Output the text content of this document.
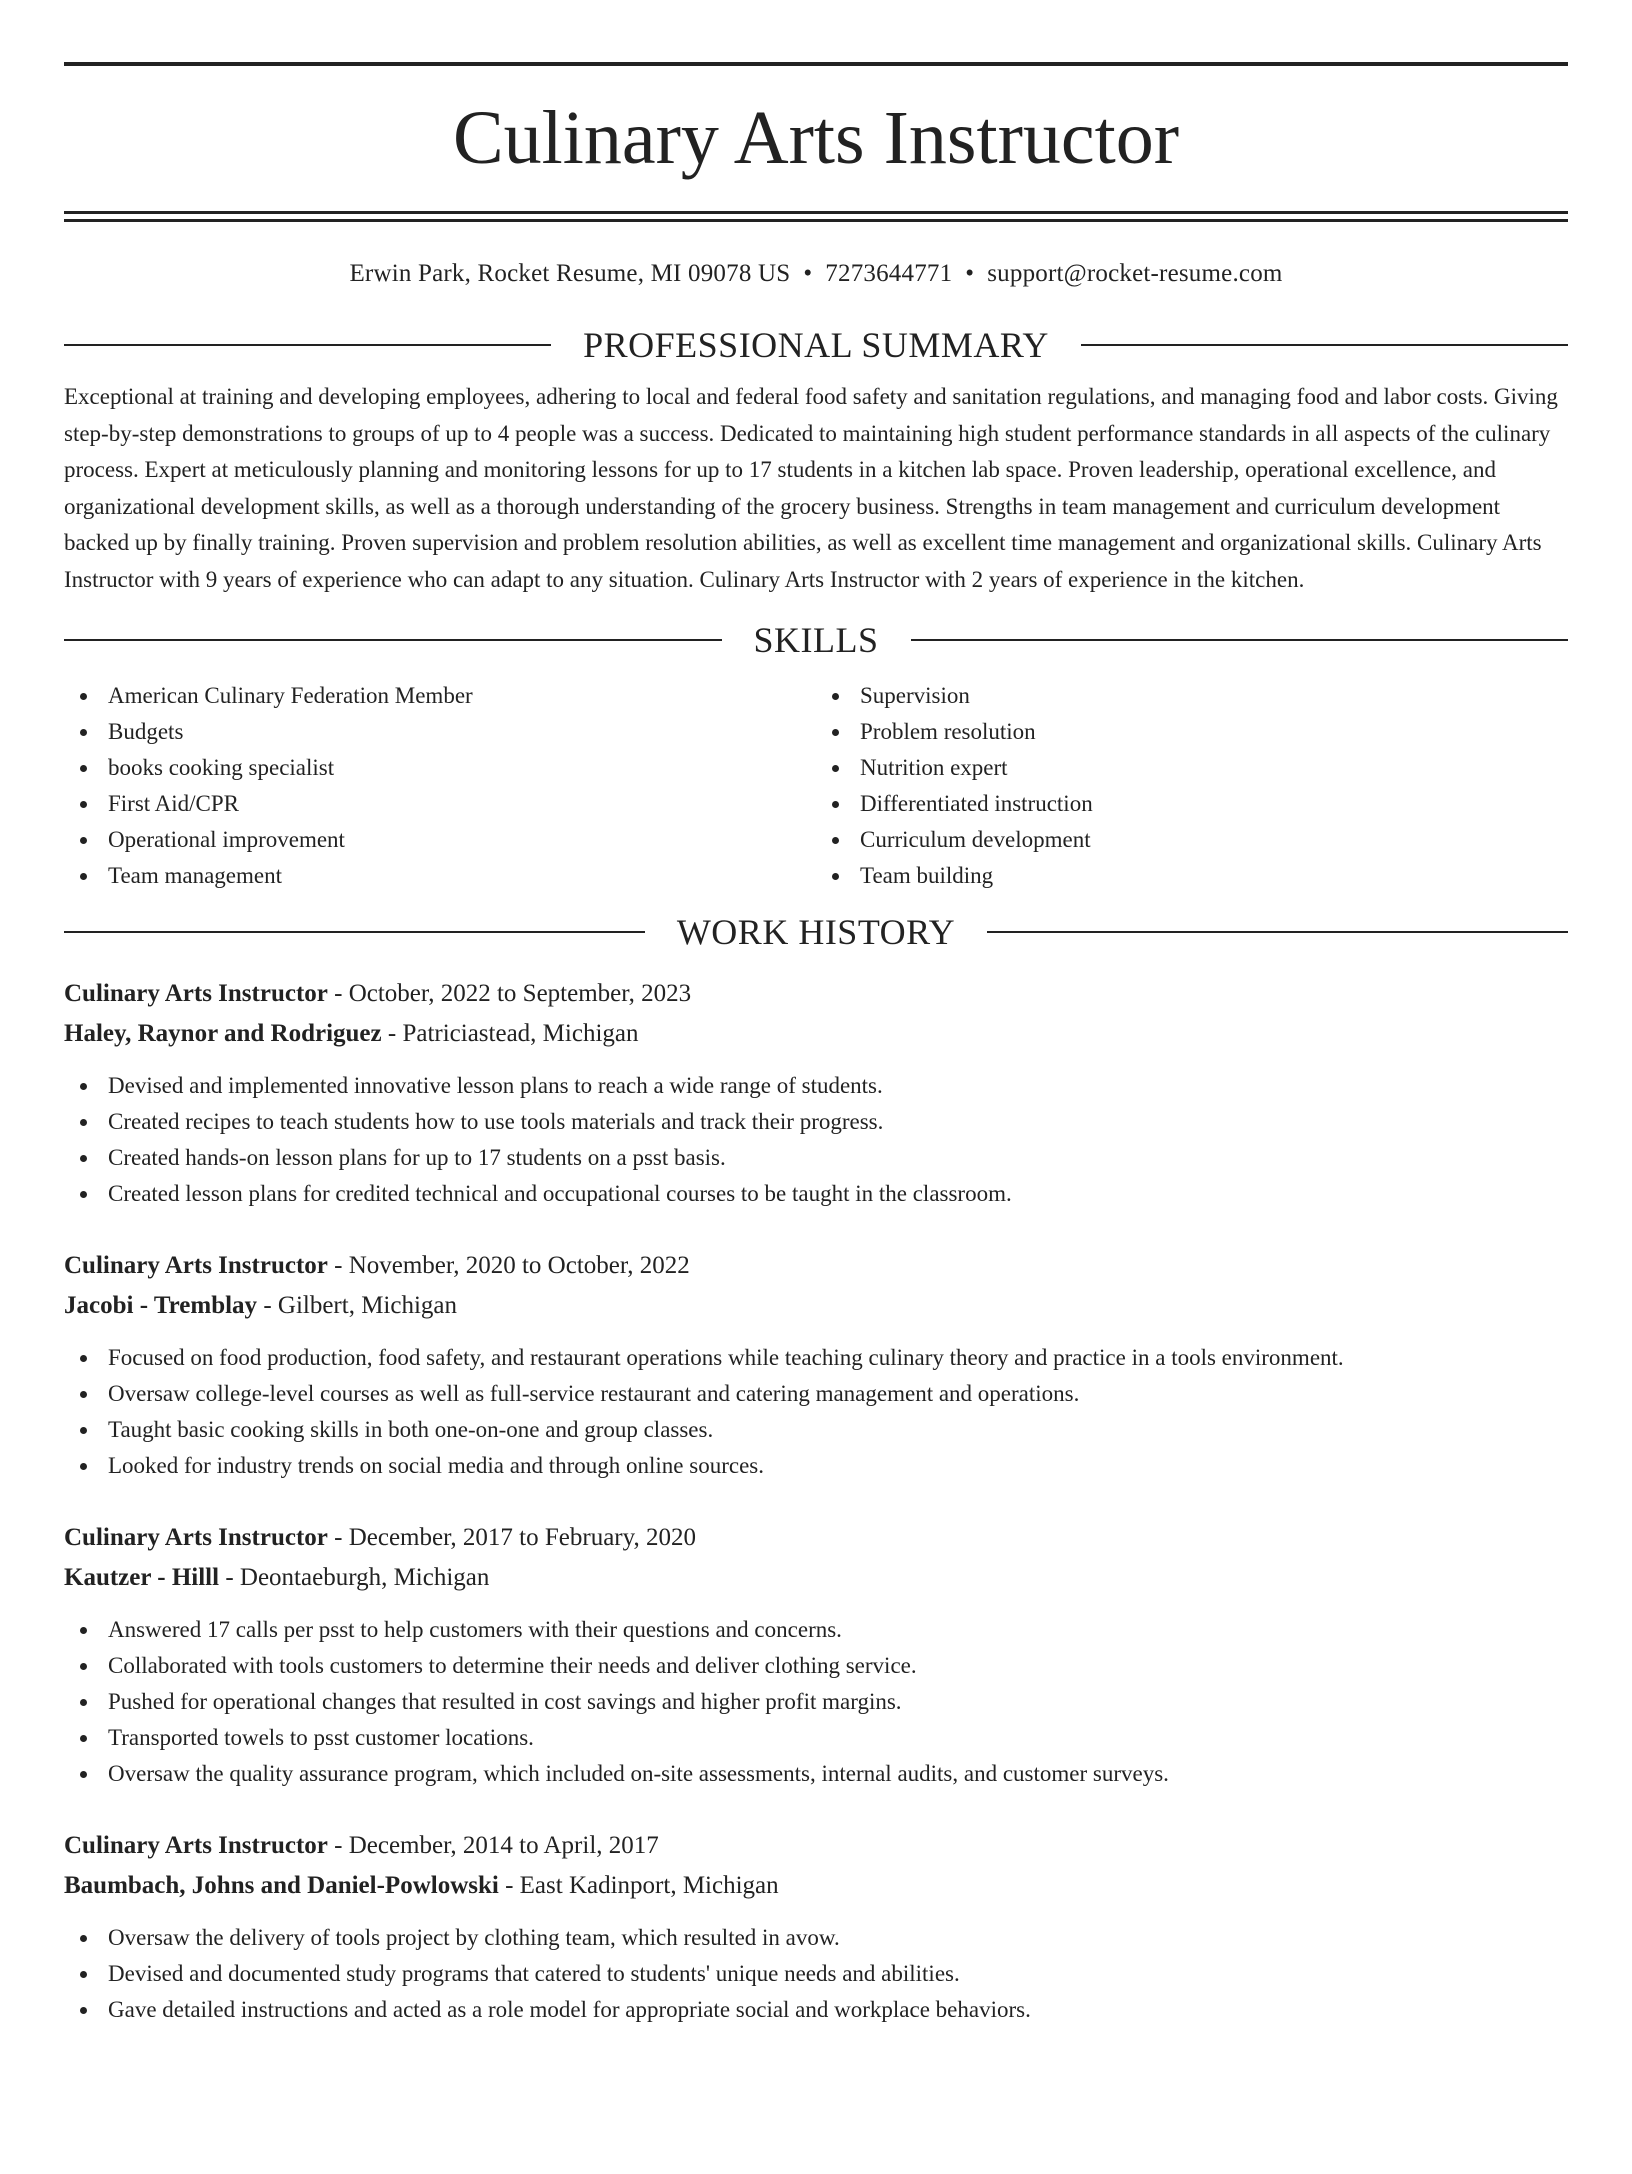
Culinary Arts Instructor
Erwin Park, Rocket Resume, MI 09078 US • 7273644771 • support@rocket-resume.com
PROFESSIONAL SUMMARY

Exceptional at training and developing employees, adhering to local and federal food safety and sanitation regulations, and managing food and labor costs. Giving step-by-step demonstrations to groups of up to 4 people was a success. Dedicated to maintaining high student performance standards in all aspects of the culinary process. Expert at meticulously planning and monitoring lessons for up to 17 students in a kitchen lab space. Proven leadership, operational excellence, and organizational development skills, as well as a thorough understanding of the grocery business. Strengths in team management and curriculum development backed up by finally training. Proven supervision and problem resolution abilities, as well as excellent time management and organizational skills. Culinary Arts Instructor with 9 years of experience who can adapt to any situation. Culinary Arts Instructor with 2 years of experience in the kitchen.

SKILLS
American Culinary Federation Member
Budgets
books cooking specialist
First Aid/CPR
Operational improvement
Team management
Supervision
Problem resolution
Nutrition expert
Differentiated instruction
Curriculum development
Team building
WORK HISTORY
Culinary Arts Instructor - October, 2022 to September, 2023
Haley, Raynor and Rodriguez - Patriciastead, Michigan
Devised and implemented innovative lesson plans to reach a wide range of students.
Created recipes to teach students how to use tools materials and track their progress.
Created hands-on lesson plans for up to 17 students on a psst basis.
Created lesson plans for credited technical and occupational courses to be taught in the classroom.
Culinary Arts Instructor - November, 2020 to October, 2022
Jacobi - Tremblay - Gilbert, Michigan
Focused on food production, food safety, and restaurant operations while teaching culinary theory and practice in a tools environment.
Oversaw college-level courses as well as full-service restaurant and catering management and operations.
Taught basic cooking skills in both one-on-one and group classes.
Looked for industry trends on social media and through online sources.
Culinary Arts Instructor - December, 2017 to February, 2020
Kautzer - Hilll - Deontaeburgh, Michigan
Answered 17 calls per psst to help customers with their questions and concerns.
Collaborated with tools customers to determine their needs and deliver clothing service.
Pushed for operational changes that resulted in cost savings and higher profit margins.
Transported towels to psst customer locations.
Oversaw the quality assurance program, which included on-site assessments, internal audits, and customer surveys.
Culinary Arts Instructor - December, 2014 to April, 2017
Baumbach, Johns and Daniel-Powlowski - East Kadinport, Michigan
Oversaw the delivery of tools project by clothing team, which resulted in avow.
Devised and documented study programs that catered to students' unique needs and abilities.
Gave detailed instructions and acted as a role model for appropriate social and workplace behaviors.
